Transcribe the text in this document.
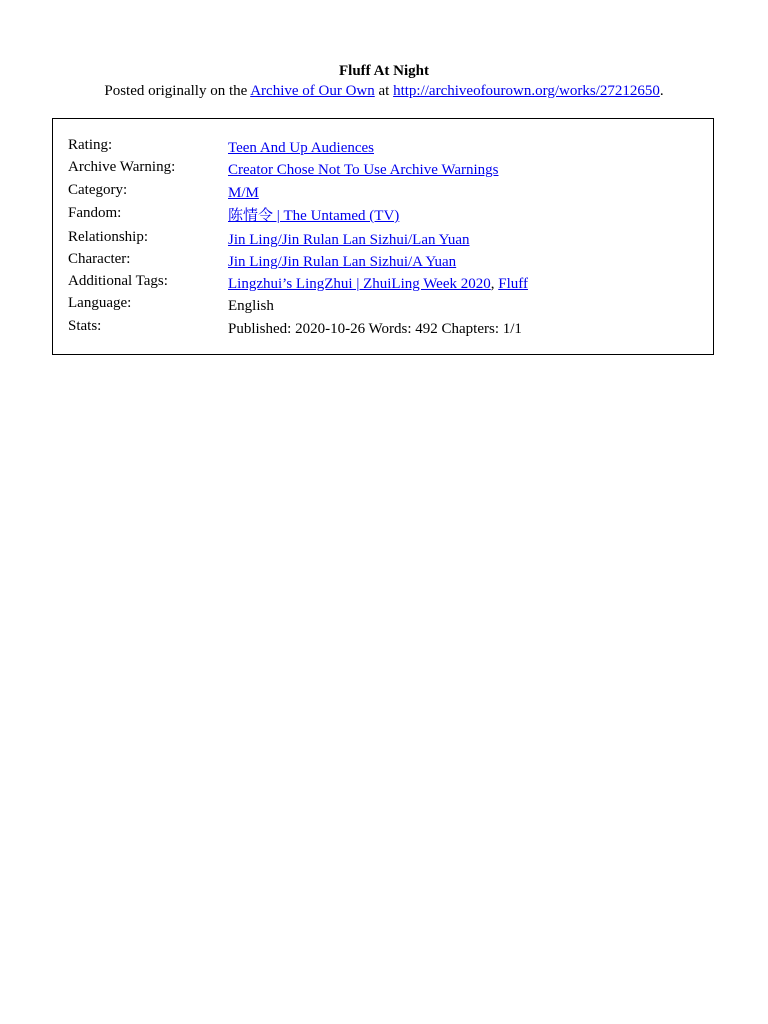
Fluff At Night
Posted originally on the Archive of Our Own at http://archiveofourown.org/works/27212650.
Rating:	Teen And Up Audiences
Archive Warning:	Creator Chose Not To Use Archive Warnings
Category:	M/M
Fandom:	陈情令 | The Untamed (TV)
Relationship:	Jin Ling/Jin Rulan Lan Sizhui/Lan Yuan
Character:	Jin Ling/Jin Rulan Lan Sizhui/A Yuan
Additional Tags:	Lingzhui’s LingZhui | ZhuiLing Week 2020, Fluff
Language:	English
Stats:	Published: 2020-10-26 Words: 492 Chapters: 1/1
